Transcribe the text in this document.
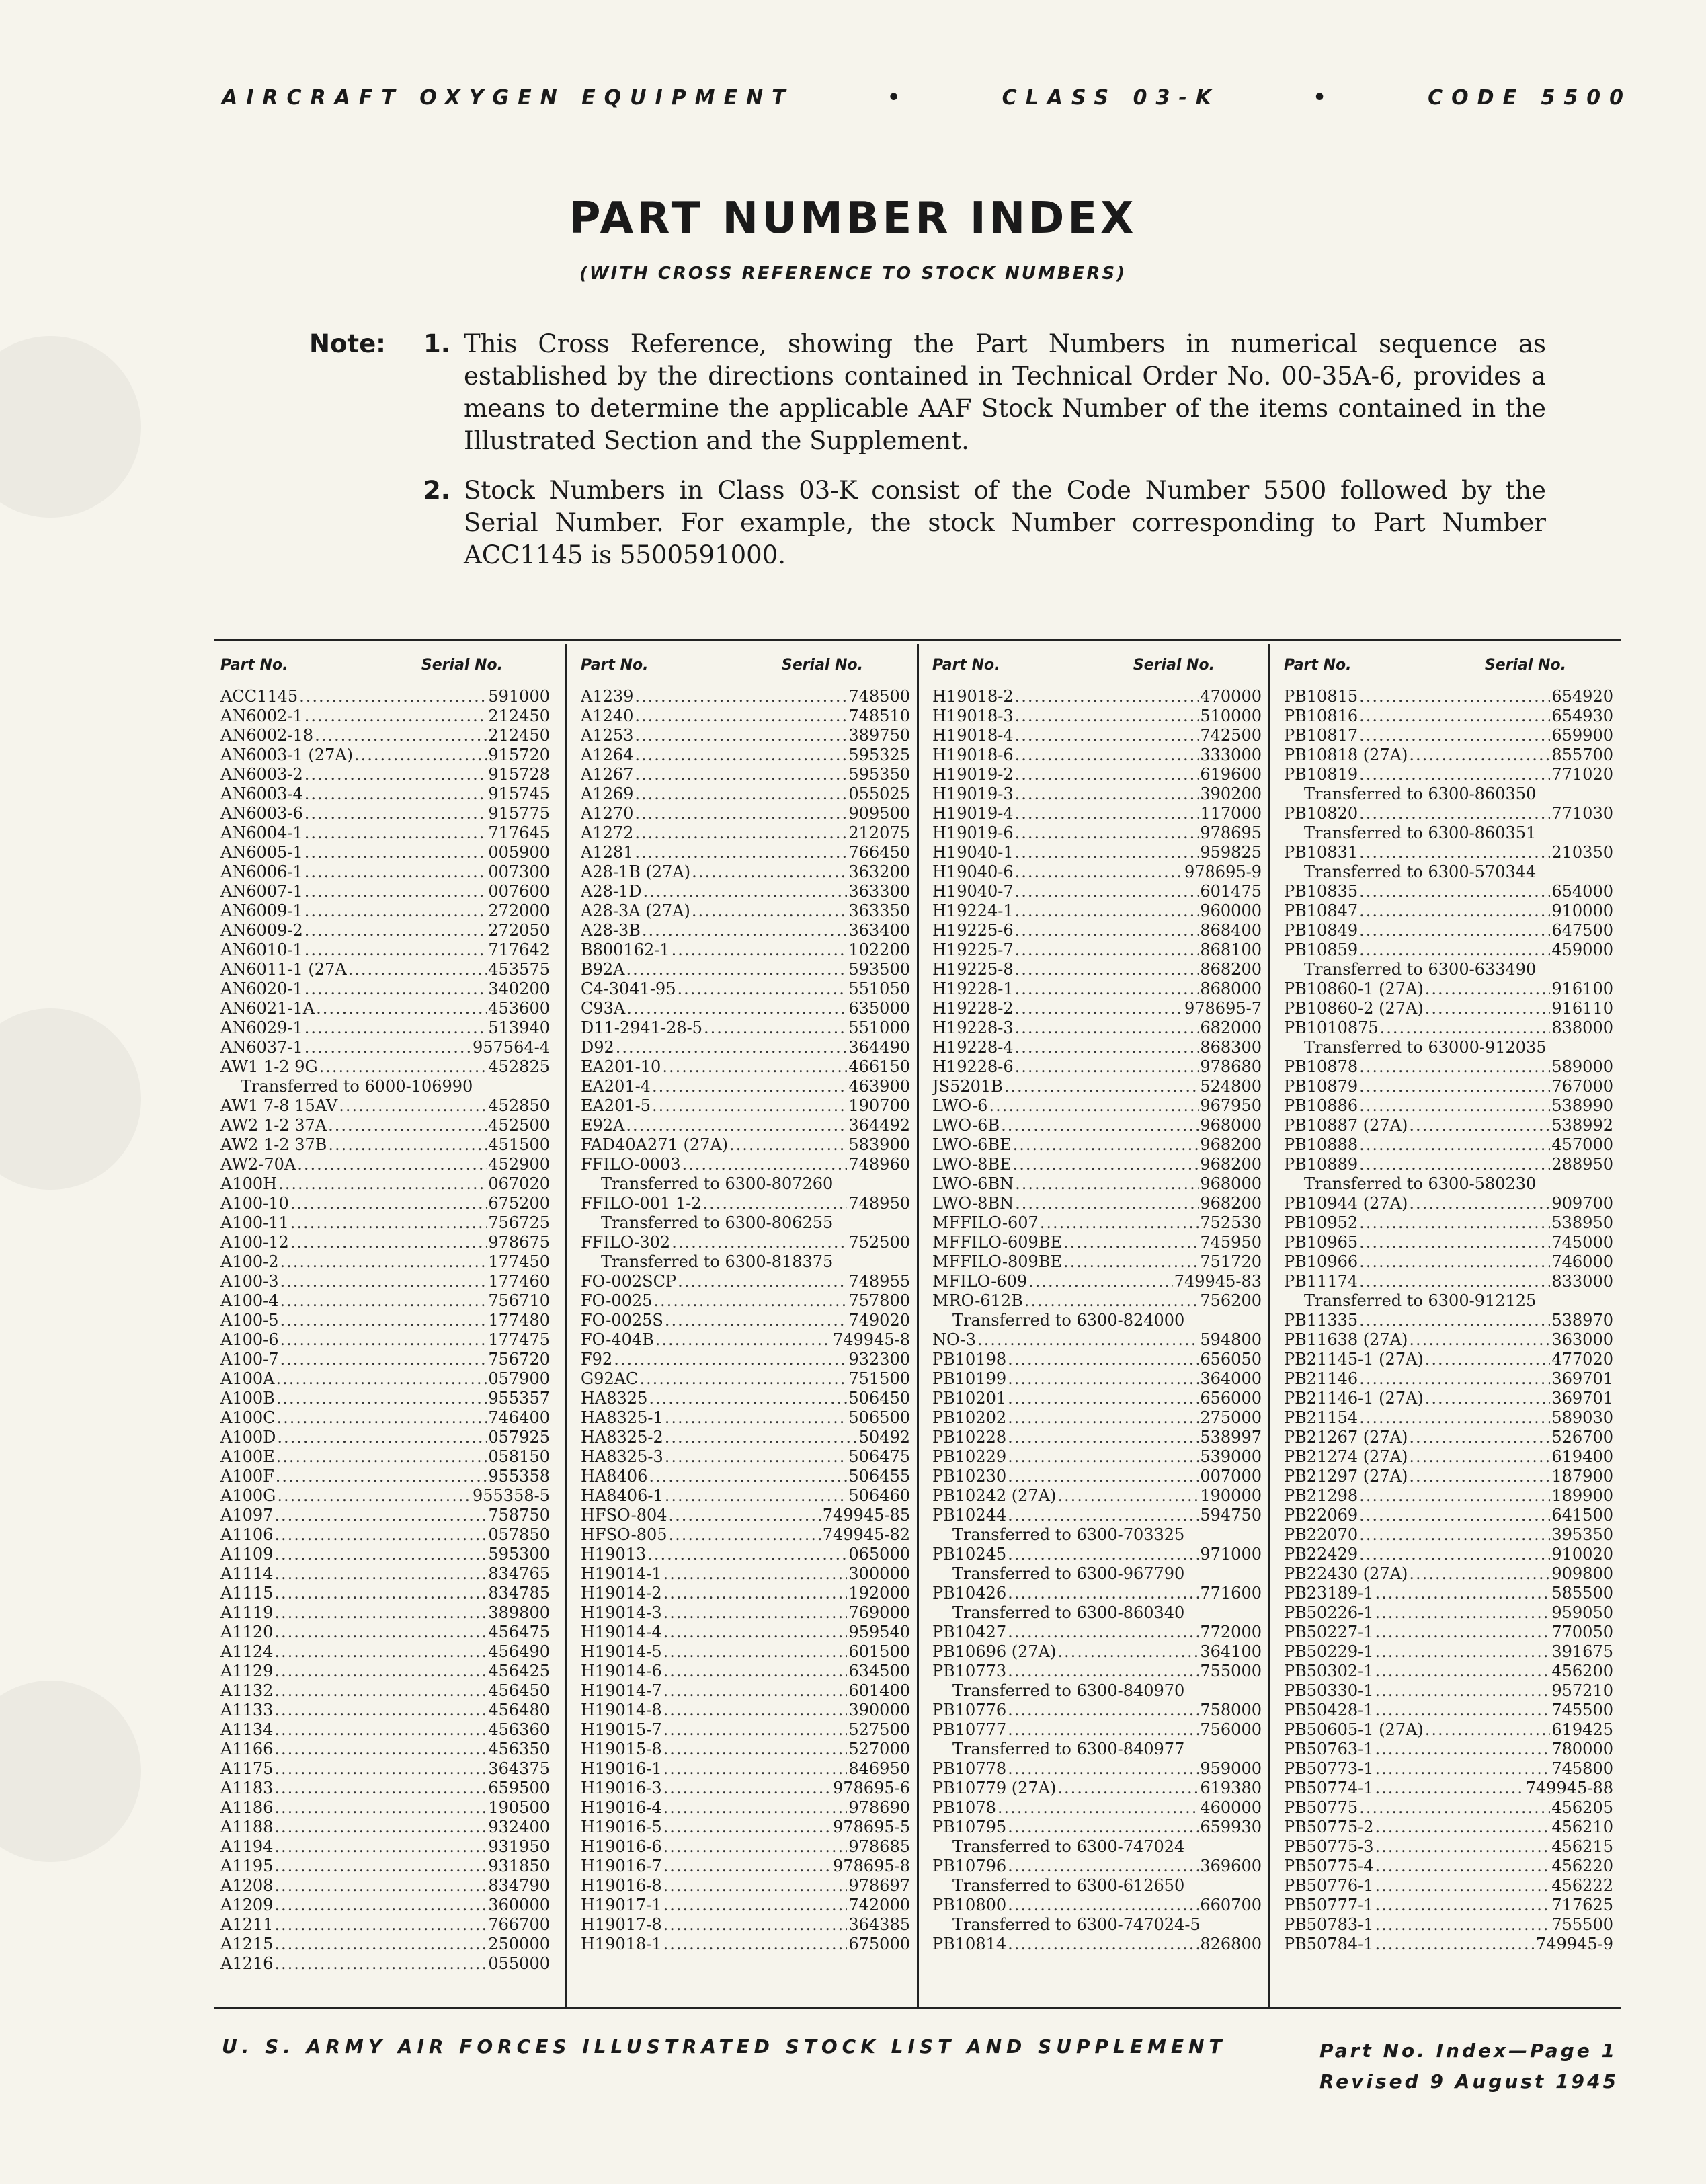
AIRCRAFT OXYGEN EQUIPMENT	•	CLASS 03-K	•	CODE 5500
PART NUMBER INDEX
(WITH CROSS REFERENCE TO STOCK NUMBERS)
Note:	1. This Cross Reference, showing the Part Numbers in numerical sequence as established by the directions contained in Technical Order No. 00-35A-6, provides a means to determine the applicable AAF Stock Number of the items contained in the Illustrated Section and the Supplement.
2. Stock Numbers in Class 03-K consist of the Code Number 5500 followed by the Serial Number. For example, the stock Number corresponding to Part Number ACC1145 is 5500591000.
Part No.	Serial No.
ACC1145 .....	591000
AN6002-1 .....	212450
AN6002-18 .....	212450
AN6003-1 (27A) .....	915720
AN6003-2 .....	915728
AN6003-4 .....	915745
AN6003-6 .....	915775
AN6004-1 .....	717645
AN6005-1 .....	005900
AN6006-1 .....	007300
AN6007-1 .....	007600
AN6009-1 .....	272000
AN6009-2 .....	272050
AN6010-1 .....	717642
AN6011-1 (27A .....	453575
AN6020-1 .....	340200
AN6021-1A .....	453600
AN6029-1 .....	513940
AN6037-1 .....	957564-4
AW1 1-2 9G .....	452825
Transferred to 6000-106990
AW1 7-8 15AV .....	452850
AW2 1-2 37A .....	452500
AW2 1-2 37B .....	451500
AW2-70A .....	452900
A100H .....	067020
A100-10 .....	675200
A100-11 .....	756725
A100-12 .....	978675
A100-2 .....	177450
A100-3 .....	177460
A100-4 .....	756710
A100-5 .....	177480
A100-6 .....	177475
A100-7 .....	756720
A100A .....	057900
A100B .....	955357
A100C .....	746400
A100D .....	057925
A100E .....	058150
A100F .....	955358
A100G .....	955358-5
A1097 .....	758750
A1106 .....	057850
A1109 .....	595300
A1114 .....	834765
A1115 .....	834785
A1119 .....	389800
A1120 .....	456475
A1124 .....	456490
A1129 .....	456425
A1132 .....	456450
A1133 .....	456480
A1134 .....	456360
A1166 .....	456350
A1175 .....	364375
A1183 .....	659500
A1186 .....	190500
A1188 .....	932400
A1194 .....	931950
A1195 .....	931850
A1208 .....	834790
A1209 .....	360000
A1211 .....	766700
A1215 .....	250000
A1216 .....	055000
Part No.	Serial No.
A1239 .....	748500
A1240 .....	748510
A1253 .....	389750
A1264 .....	595325
A1267 .....	595350
A1269 .....	055025
A1270 .....	909500
A1272 .....	212075
A1281 .....	766450
A28-1B (27A) .....	363200
A28-1D .....	363300
A28-3A (27A) .....	363350
A28-3B .....	363400
B800162-1 .....	102200
B92A .....	593500
C4-3041-95 .....	551050
C93A .....	635000
D11-2941-28-5 .....	551000
D92 .....	364490
EA201-10 .....	466150
EA201-4 .....	463900
EA201-5 .....	190700
E92A .....	364492
FAD40A271 (27A) .....	583900
FFILO-0003 .....	748960
Transferred to 6300-807260
FFILO-001 1-2 .....	748950
Transferred to 6300-806255
FFILO-302 .....	752500
Transferred to 6300-818375
FO-002SCP .....	748955
FO-0025 .....	757800
FO-0025S .....	749020
FO-404B .....	749945-8
F92 .....	932300
G92AC .....	751500
HA8325 .....	506450
HA8325-1 .....	506500
HA8325-2 .....	50492
HA8325-3 .....	506475
HA8406 .....	506455
HA8406-1 .....	506460
HFSO-804 .....	749945-85
HFSO-805 .....	749945-82
H19013 .....	065000
H19014-1 .....	300000
H19014-2 .....	192000
H19014-3 .....	769000
H19014-4 .....	959540
H19014-5 .....	601500
H19014-6 .....	634500
H19014-7 .....	601400
H19014-8 .....	390000
H19015-7 .....	527500
H19015-8 .....	527000
H19016-1 .....	846950
H19016-3 .....	978695-6
H19016-4 .....	978690
H19016-5 .....	978695-5
H19016-6 .....	978685
H19016-7 .....	978695-8
H19016-8 .....	978697
H19017-1 .....	742000
H19017-8 .....	364385
H19018-1 .....	675000
Part No.	Serial No.
H19018-2 .....	470000
H19018-3 .....	510000
H19018-4 .....	742500
H19018-6 .....	333000
H19019-2 .....	619600
H19019-3 .....	390200
H19019-4 .....	117000
H19019-6 .....	978695
H19040-1 .....	959825
H19040-6 .....	978695-9
H19040-7 .....	601475
H19224-1 .....	960000
H19225-6 .....	868400
H19225-7 .....	868100
H19225-8 .....	868200
H19228-1 .....	868000
H19228-2 .....	978695-7
H19228-3 .....	682000
H19228-4 .....	868300
H19228-6 .....	978680
JS5201B .....	524800
LWO-6 .....	967950
LWO-6B .....	968000
LWO-6BE .....	968200
LWO-8BE .....	968200
LWO-6BN .....	968000
LWO-8BN .....	968200
MFFILO-607 .....	752530
MFFILO-609BE .....	745950
MFFILO-809BE .....	751720
MFILO-609 .....	749945-83
MRO-612B .....	756200
Transferred to 6300-824000
NO-3 .....	594800
PB10198 .....	656050
PB10199 .....	364000
PB10201 .....	656000
PB10202 .....	275000
PB10228 .....	538997
PB10229 .....	539000
PB10230 .....	007000
PB10242 (27A) .....	190000
PB10244 .....	594750
Transferred to 6300-703325
PB10245 .....	971000
Transferred to 6300-967790
PB10426 .....	771600
Transferred to 6300-860340
PB10427 .....	772000
PB10696 (27A) .....	364100
PB10773 .....	755000
Transferred to 6300-840970
PB10776 .....	758000
PB10777 .....	756000
Transferred to 6300-840977
PB10778 .....	959000
PB10779 (27A) .....	619380
PB1078 .....	460000
PB10795 .....	659930
Transferred to 6300-747024
PB10796 .....	369600
Transferred to 6300-612650
PB10800 .....	660700
Transferred to 6300-747024-5
PB10814 .....	826800
Part No.	Serial No.
PB10815 .....	654920
PB10816 .....	654930
PB10817 .....	659900
PB10818 (27A) .....	855700
PB10819 .....	771020
Transferred to 6300-860350
PB10820 .....	771030
Transferred to 6300-860351
PB10831 .....	210350
Transferred to 6300-570344
PB10835 .....	654000
PB10847 .....	910000
PB10849 .....	647500
PB10859 .....	459000
Transferred to 6300-633490
PB10860-1 (27A) .....	916100
PB10860-2 (27A) .....	916110
PB1010875 .....	838000
Transferred to 63000-912035
PB10878 .....	589000
PB10879 .....	767000
PB10886 .....	538990
PB10887 (27A) .....	538992
PB10888 .....	457000
PB10889 .....	288950
Transferred to 6300-580230
PB10944 (27A) .....	909700
PB10952 .....	538950
PB10965 .....	745000
PB10966 .....	746000
PB11174 .....	833000
Transferred to 6300-912125
PB11335 .....	538970
PB11638 (27A) .....	363000
PB21145-1 (27A) .....	477020
PB21146 .....	369701
PB21146-1 (27A) .....	369701
PB21154 .....	589030
PB21267 (27A) .....	526700
PB21274 (27A) .....	619400
PB21297 (27A) .....	187900
PB21298 .....	189900
PB22069 .....	641500
PB22070 .....	395350
PB22429 .....	910020
PB22430 (27A) .....	909800
PB23189-1 .....	585500
PB50226-1 .....	959050
PB50227-1 .....	770050
PB50229-1 .....	391675
PB50302-1 .....	456200
PB50330-1 .....	957210
PB50428-1 .....	745500
PB50605-1 (27A) .....	619425
PB50763-1 .....	780000
PB50773-1 .....	745800
PB50774-1 .....	749945-88
PB50775 .....	456205
PB50775-2 .....	456210
PB50775-3 .....	456215
PB50775-4 .....	456220
PB50776-1 .....	456222
PB50777-1 .....	717625
PB50783-1 .....	755500
PB50784-1 .....	749945-9
U. S. ARMY AIR FORCES ILLUSTRATED STOCK LIST AND SUPPLEMENT	Part No. Index—Page 1
Revised 9 August 1945
